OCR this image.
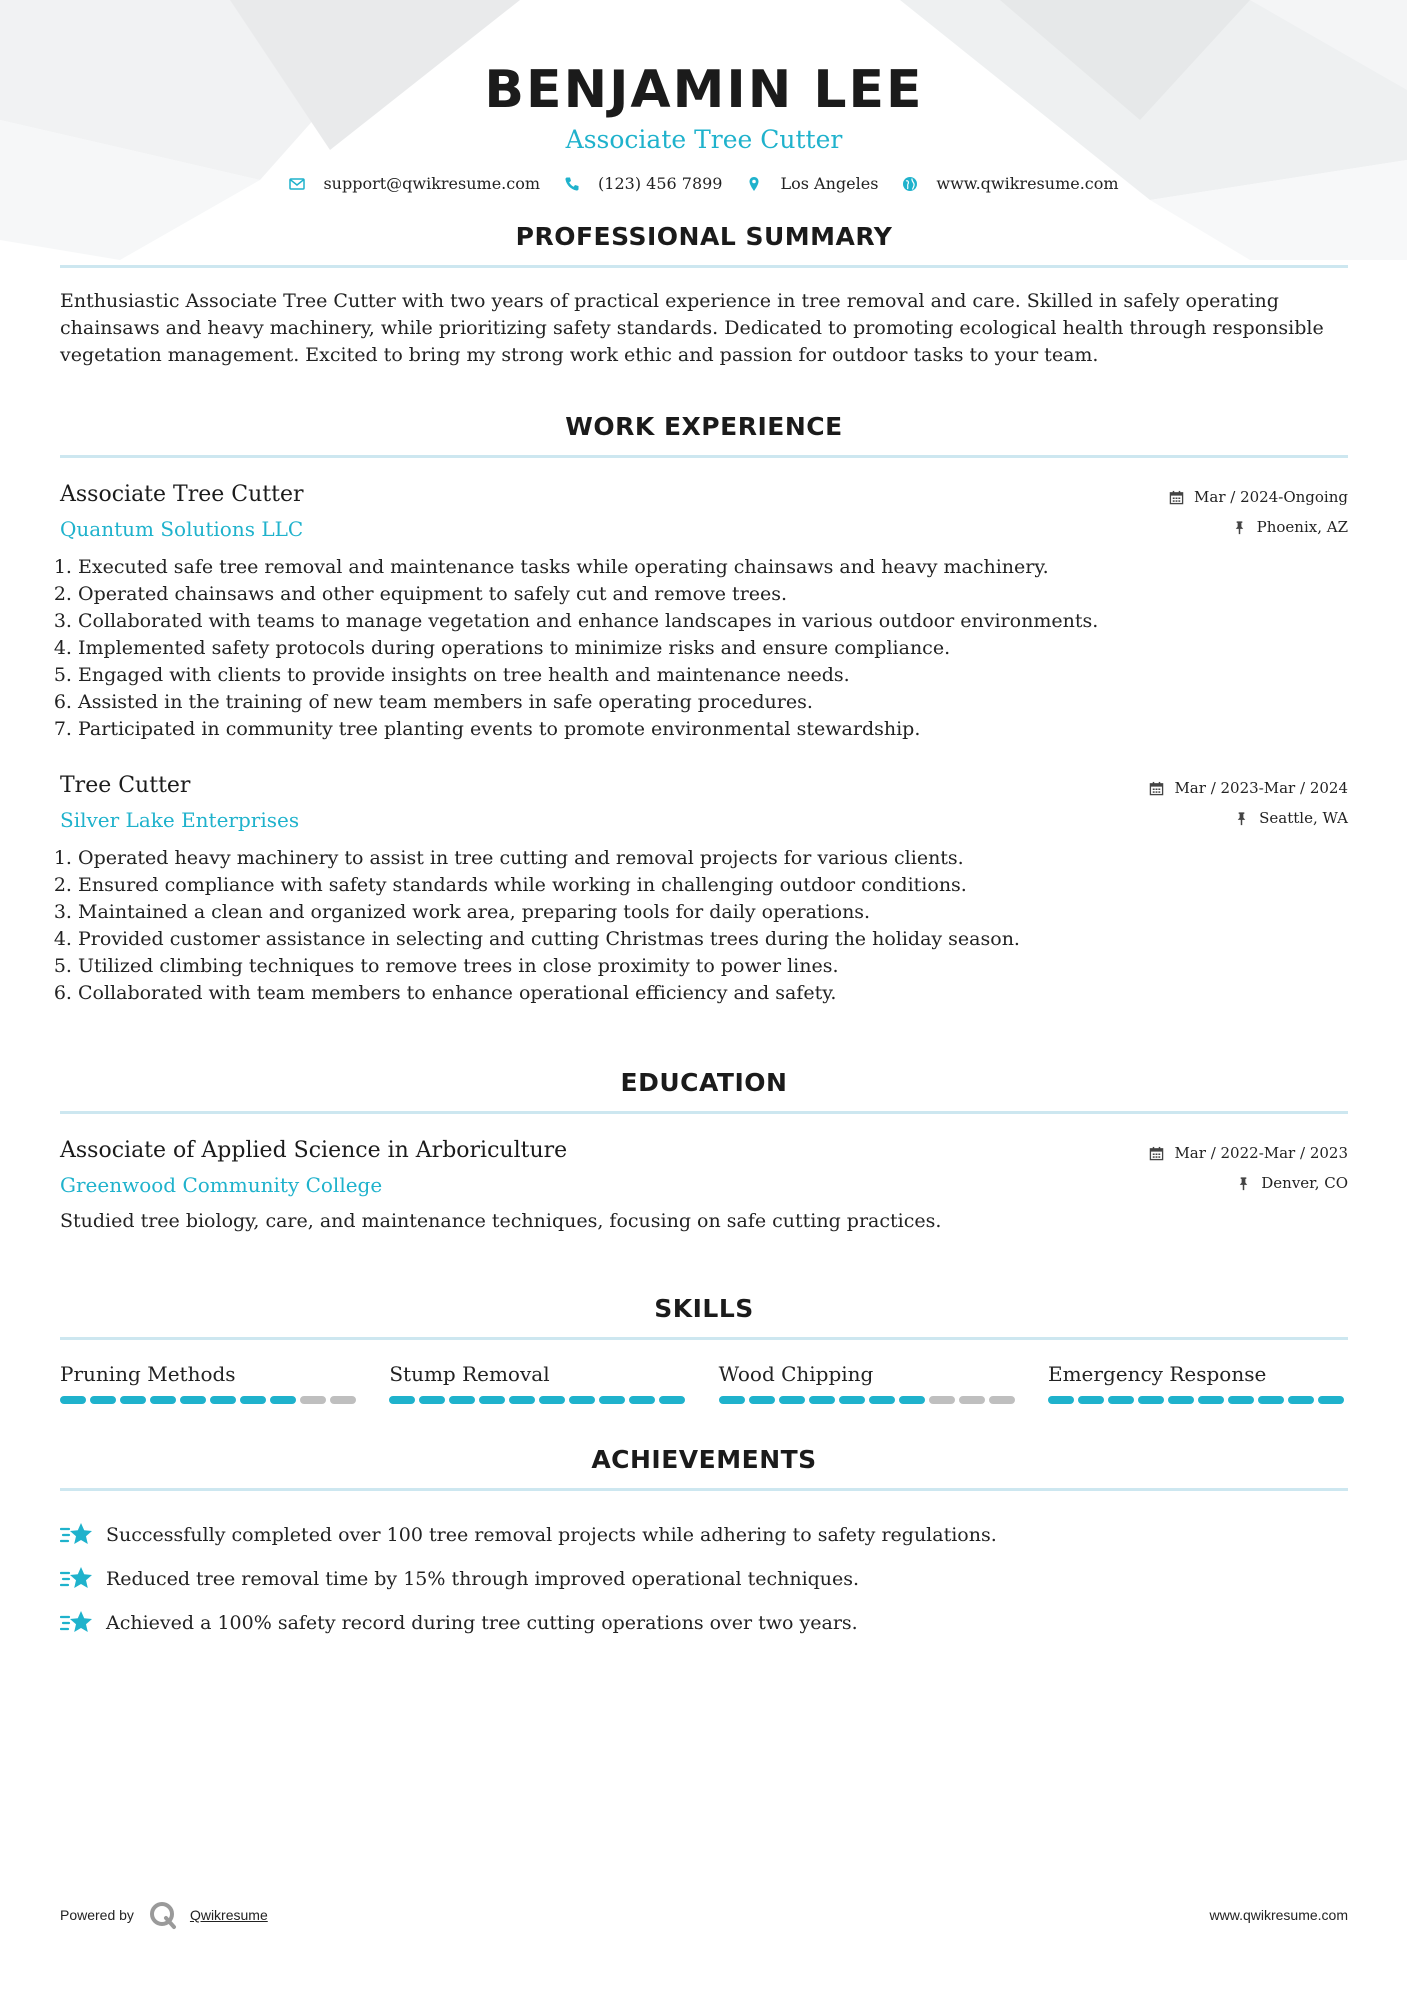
BENJAMIN LEE
Associate Tree Cutter
support@qwikresume.com	(123) 456 7899	Los Angeles	www.qwikresume.com
PROFESSIONAL SUMMARY
Enthusiastic Associate Tree Cutter with two years of practical experience in tree removal and care. Skilled in safely operating chainsaws and heavy machinery, while prioritizing safety standards. Dedicated to promoting ecological health through responsible vegetation management. Excited to bring my strong work ethic and passion for outdoor tasks to your team.
WORK EXPERIENCE
Associate Tree Cutter
Quantum Solutions LLC
Mar / 2024-Ongoing
Phoenix, AZ
1. Executed safe tree removal and maintenance tasks while operating chainsaws and heavy machinery.
2. Operated chainsaws and other equipment to safely cut and remove trees.
3. Collaborated with teams to manage vegetation and enhance landscapes in various outdoor environments.
4. Implemented safety protocols during operations to minimize risks and ensure compliance.
5. Engaged with clients to provide insights on tree health and maintenance needs.
6. Assisted in the training of new team members in safe operating procedures.
7. Participated in community tree planting events to promote environmental stewardship.
Tree Cutter
Silver Lake Enterprises
Mar / 2023-Mar / 2024
Seattle, WA
1. Operated heavy machinery to assist in tree cutting and removal projects for various clients.
2. Ensured compliance with safety standards while working in challenging outdoor conditions.
3. Maintained a clean and organized work area, preparing tools for daily operations.
4. Provided customer assistance in selecting and cutting Christmas trees during the holiday season.
5. Utilized climbing techniques to remove trees in close proximity to power lines.
6. Collaborated with team members to enhance operational efficiency and safety.
EDUCATION
Associate of Applied Science in Arboriculture
Greenwood Community College
Mar / 2022-Mar / 2023
Denver, CO
Studied tree biology, care, and maintenance techniques, focusing on safe cutting practices.
SKILLS
Pruning Methods	Stump Removal	Wood Chipping	Emergency Response
ACHIEVEMENTS
Successfully completed over 100 tree removal projects while adhering to safety regulations.
Reduced tree removal time by 15% through improved operational techniques.
Achieved a 100% safety record during tree cutting operations over two years.
Powered by	Qwikresume	www.qwikresume.com
